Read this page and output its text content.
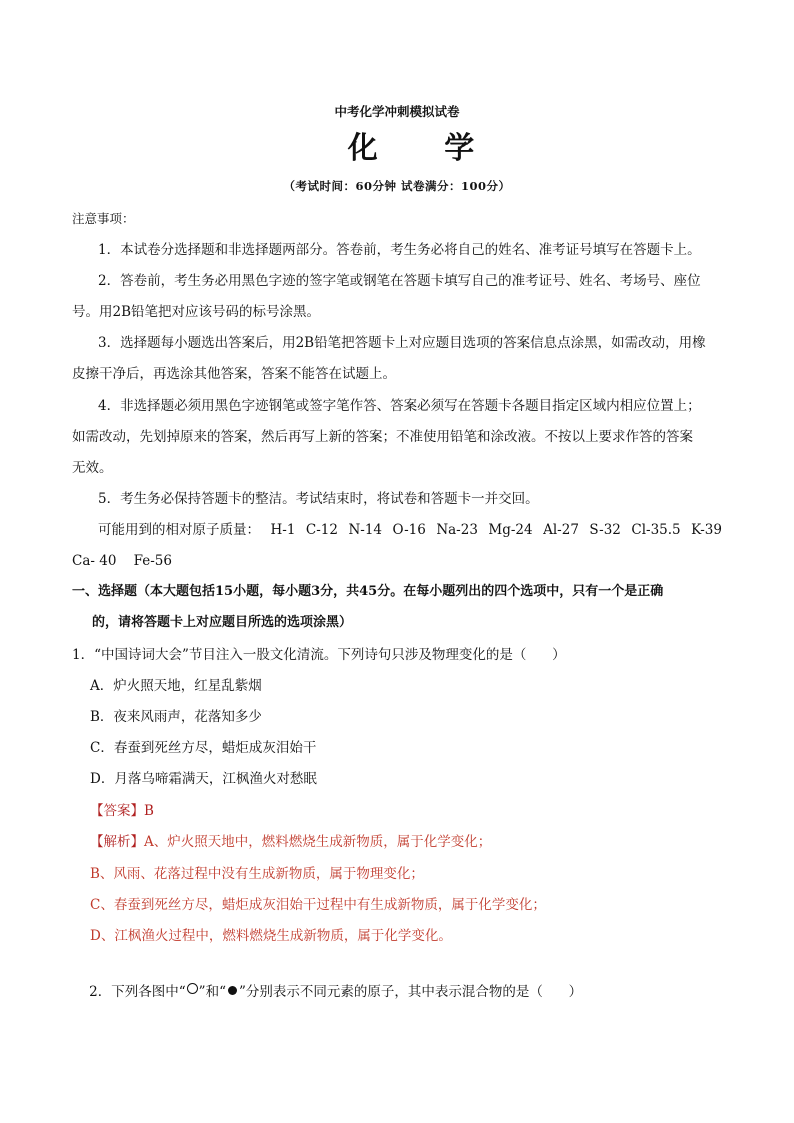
中考化学冲刺模拟试卷
化 学
（考试时间：60分钟 试卷满分：100分）
注意事项：
1．本试卷分选择题和非选择题两部分。答卷前，考生务必将自己的姓名、准考证号填写在答题卡上。
2．答卷前，考生务必用黑色字迹的签字笔或钢笔在答题卡填写自己的准考证号、姓名、考场号、座位
号。用2B铅笔把对应该号码的标号涂黑。
3．选择题每小题选出答案后，用2B铅笔把答题卡上对应题目选项的答案信息点涂黑，如需改动，用橡
皮擦干净后，再选涂其他答案，答案不能答在试题上。
4．非选择题必须用黑色字迹钢笔或签字笔作答、答案必须写在答题卡各题目指定区域内相应位置上；
如需改动，先划掉原来的答案，然后再写上新的答案；不准使用铅笔和涂改液。不按以上要求作答的答案
无效。
5．考生务必保持答题卡的整洁。考试结束时，将试卷和答题卡一并交回。
可能用到的相对原子质量： H-1 C-12 N-14 O-16 Na-23 Mg-24 Al-27 S-32 Cl-35.5 K-39
Ca- 40    Fe-56
一、选择题（本大题包括15小题，每小题3分，共45分。在每小题列出的四个选项中，只有一个是正确
的，请将答题卡上对应题目所选的选项涂黑）
1．“中国诗词大会”节目注入一股文化清流。下列诗句只涉及物理变化的是（      ）
A．炉火照天地，红星乱紫烟
B．夜来风雨声，花落知多少
C．春蚕到死丝方尽，蜡炬成灰泪始干
D．月落乌啼霜满天，江枫渔火对愁眠
【答案】B
【解析】A、炉火照天地中，燃料燃烧生成新物质，属于化学变化；
B、风雨、花落过程中没有生成新物质，属于物理变化；
C、春蚕到死丝方尽，蜡炬成灰泪始干过程中有生成新物质，属于化学变化；
D、江枫渔火过程中，燃料燃烧生成新物质，属于化学变化。

2．下列各图中“ ”和“ ”分别表示不同元素的原子，其中表示混合物的是（      ）
